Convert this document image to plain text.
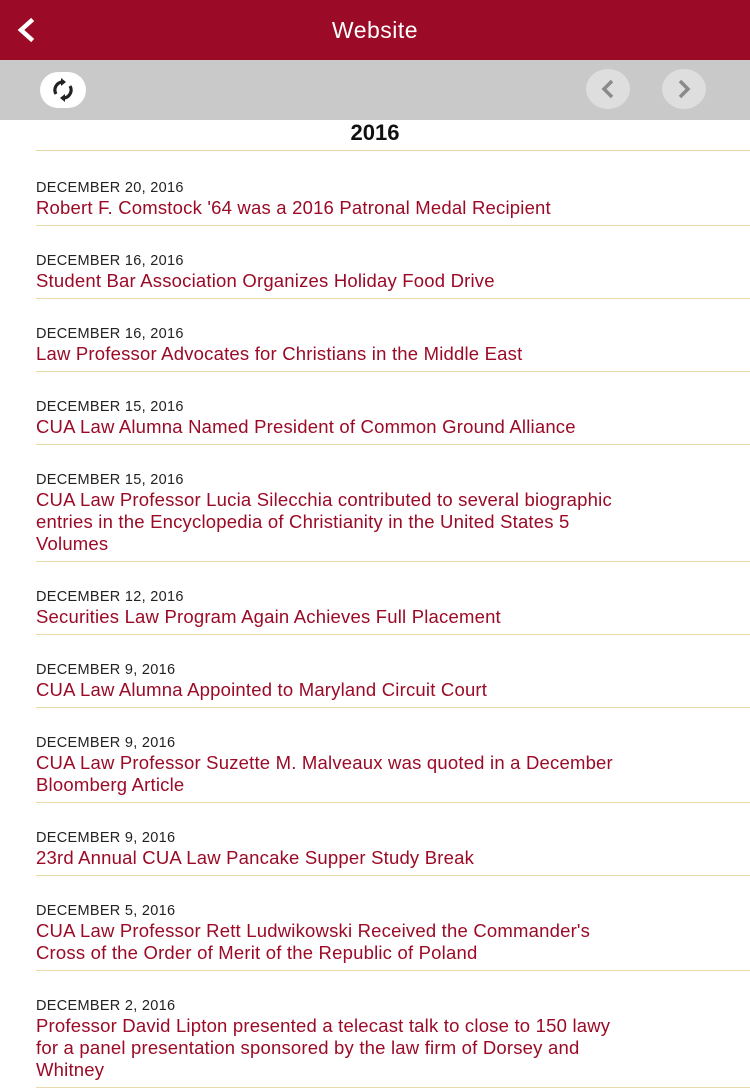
Website
2016
DECEMBER 20, 2016
Robert F. Comstock '64 was a 2016 Patronal Medal Recipient
DECEMBER 16, 2016
Student Bar Association Organizes Holiday Food Drive
DECEMBER 16, 2016
Law Professor Advocates for Christians in the Middle East
DECEMBER 15, 2016
CUA Law Alumna Named President of Common Ground Alliance
DECEMBER 15, 2016
CUA Law Professor Lucia Silecchia contributed to several biographic
entries in the Encyclopedia of Christianity in the United States 5
Volumes
DECEMBER 12, 2016
Securities Law Program Again Achieves Full Placement
DECEMBER 9, 2016
CUA Law Alumna Appointed to Maryland Circuit Court
DECEMBER 9, 2016
CUA Law Professor Suzette M. Malveaux was quoted in a December
Bloomberg Article
DECEMBER 9, 2016
23rd Annual CUA Law Pancake Supper Study Break
DECEMBER 5, 2016
CUA Law Professor Rett Ludwikowski Received the Commander's
Cross of the Order of Merit of the Republic of Poland
DECEMBER 2, 2016
Professor David Lipton presented a telecast talk to close to 150 lawy
for a panel presentation sponsored by the law firm of Dorsey and
Whitney
